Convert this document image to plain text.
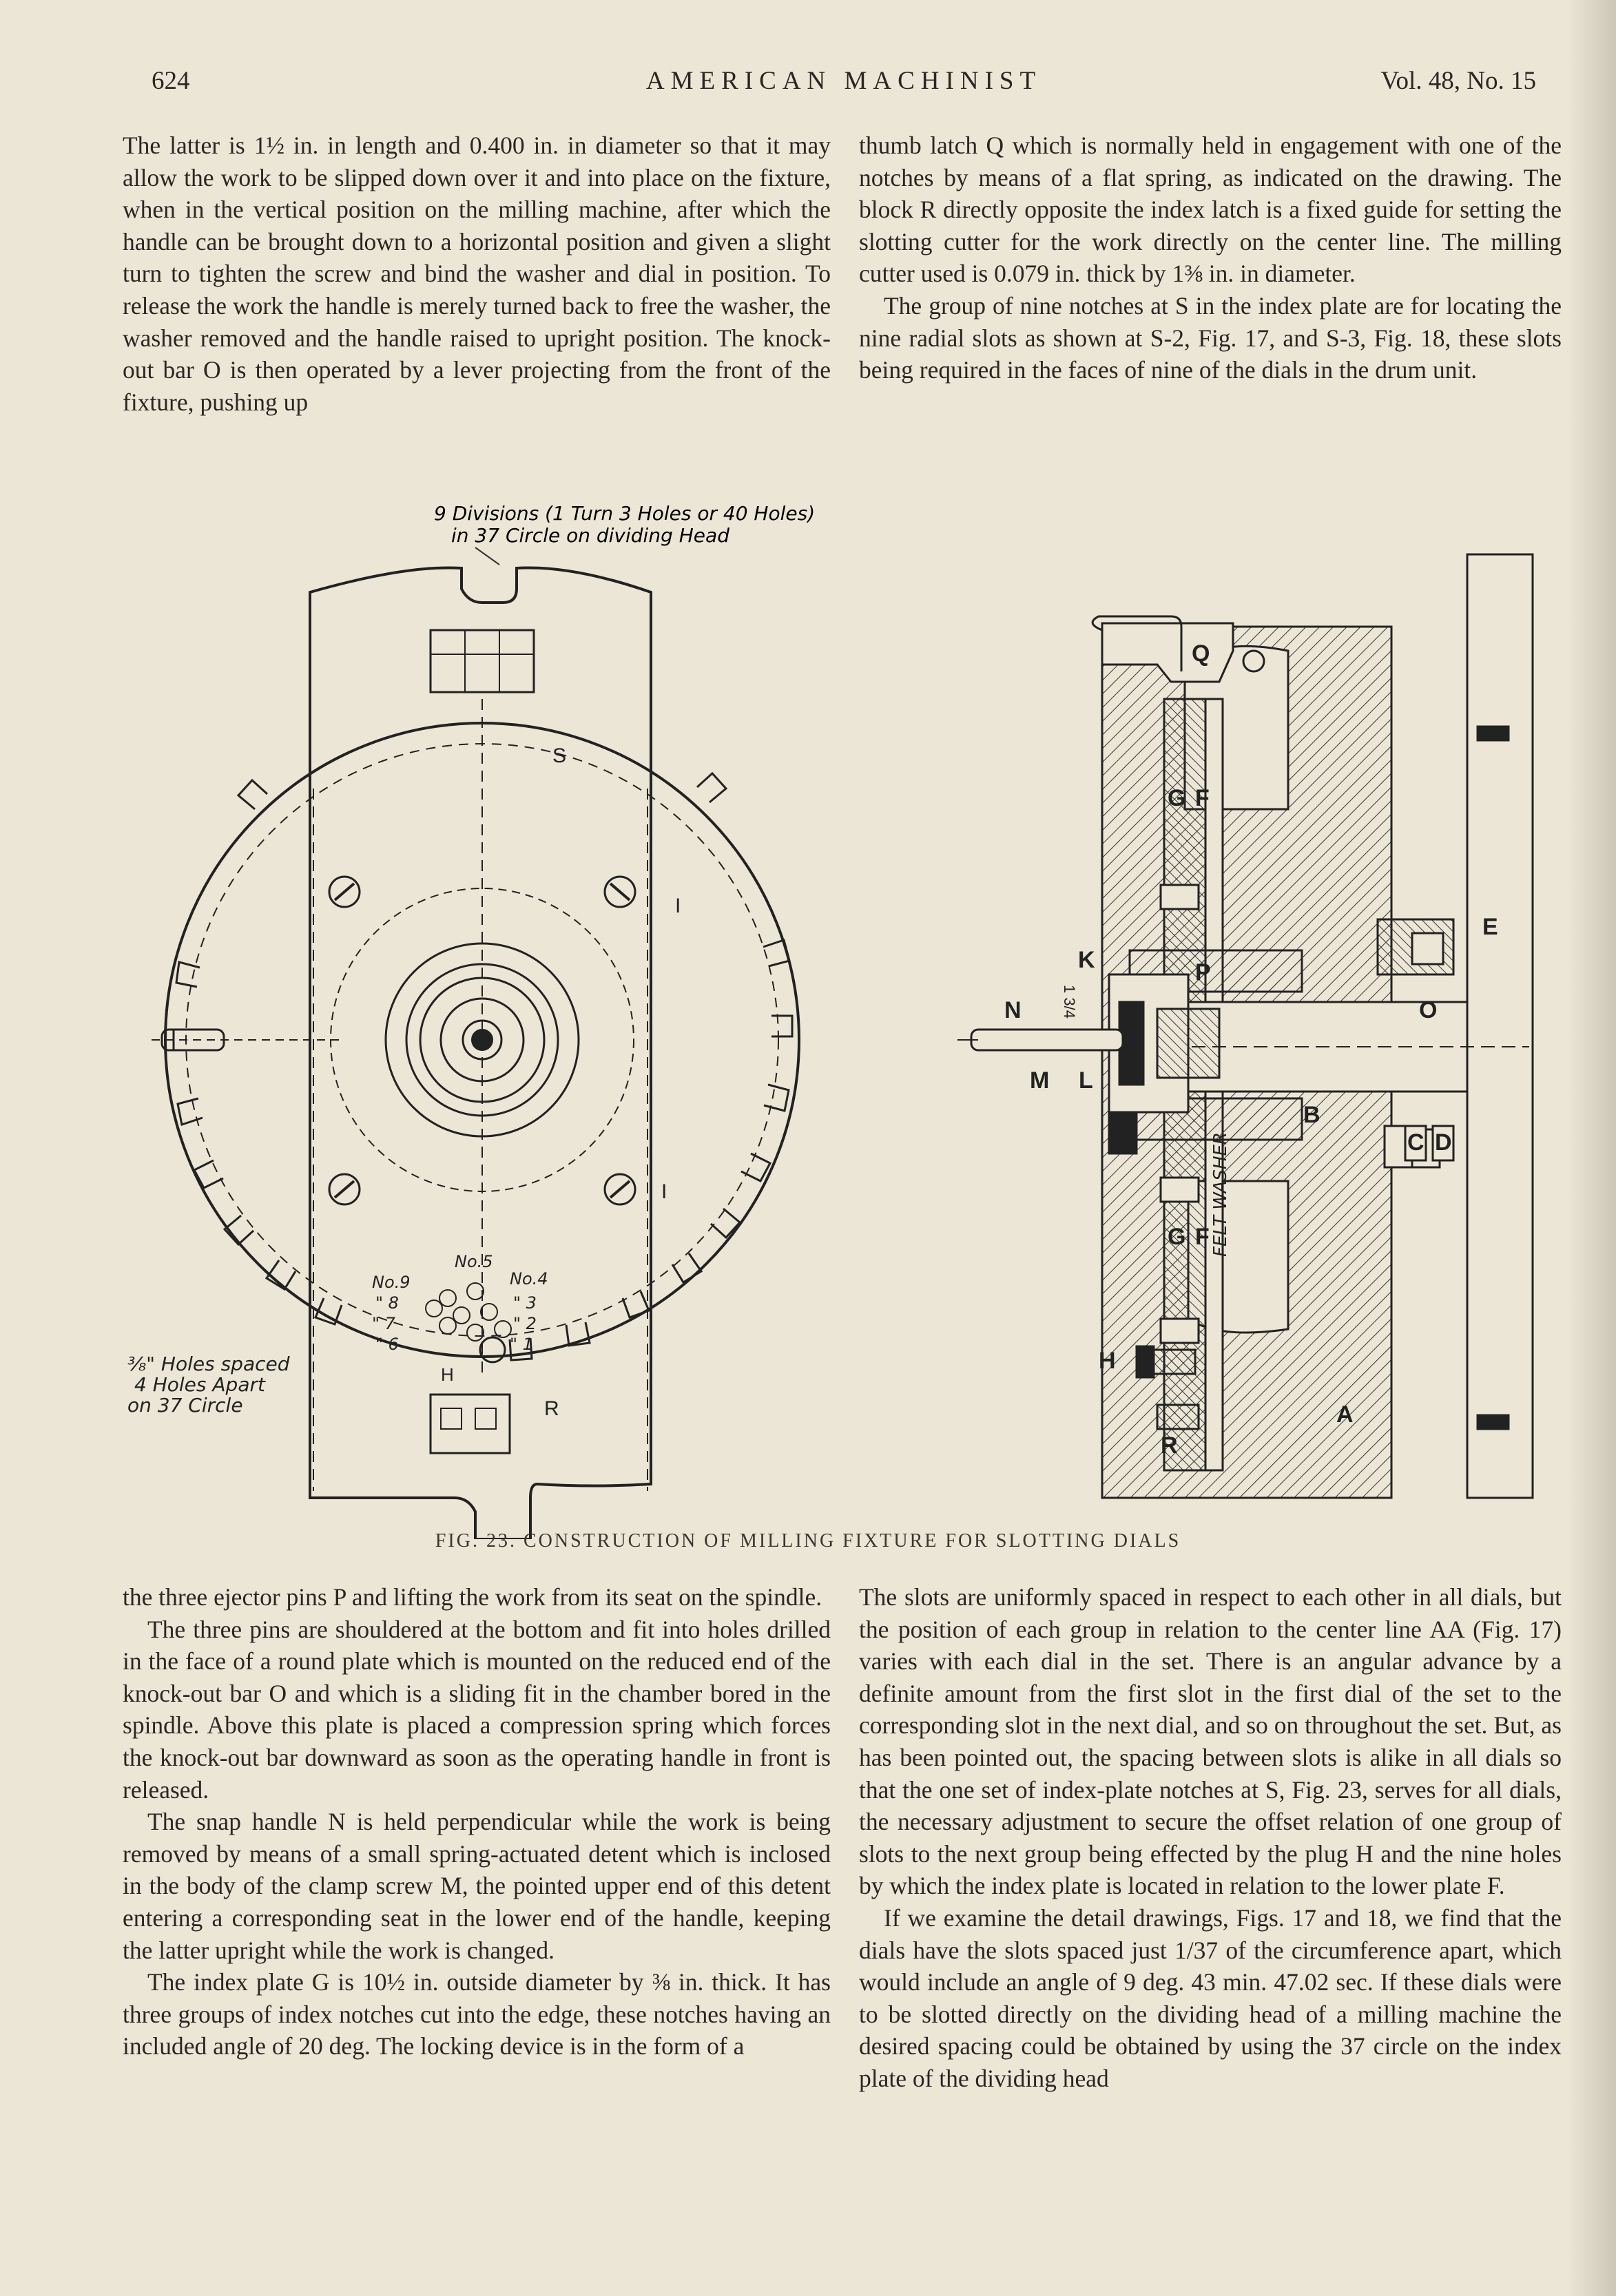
624	AMERICAN MACHINIST	Vol. 48, No. 15

The latter is 1½ in. in length and 0.400 in. in diameter so that it may allow the work to be slipped down over it and into place on the fixture, when in the vertical position on the milling machine, after which the handle can be brought down to a horizontal position and given a slight turn to tighten the screw and bind the washer and dial in position. To release the work the handle is merely turned back to free the washer, the washer removed and the handle raised to upright position. The knock-out bar O is then operated by a lever projecting from the front of the fixture, pushing up

thumb latch Q which is normally held in engagement with one of the notches by means of a flat spring, as indicated on the drawing. The block R directly opposite the index latch is a fixed guide for setting the slotting cutter for the work directly on the center line. The milling cutter used is 0.079 in. thick by 1⅜ in. in diameter.

The group of nine notches at S in the index plate are for locating the nine radial slots as shown at S-2, Fig. 17, and S-3, Fig. 18, these slots being required in the faces of nine of the dials in the drum unit.

9 Divisions (1 Turn 3 Holes or 40 Holes)
in 37 Circle on dividing Head
S
I
I
R
H
No.9
No.5
No.4
" 8
" 7
" 6
" 3
" 2
" 1
⅜" Holes spaced
4 Holes Apart
on 37 Circle
Q
G F
G F
E
K	P
N	O
M L
J
B
C D
H
A
R
1 3/4
FELT WASHER
FIG. 23. CONSTRUCTION OF MILLING FIXTURE FOR SLOTTING DIALS

the three ejector pins P and lifting the work from its seat on the spindle.

The three pins are shouldered at the bottom and fit into holes drilled in the face of a round plate which is mounted on the reduced end of the knock-out bar O and which is a sliding fit in the chamber bored in the spindle. Above this plate is placed a compression spring which forces the knock-out bar downward as soon as the operating handle in front is released.

The snap handle N is held perpendicular while the work is being removed by means of a small spring-actuated detent which is inclosed in the body of the clamp screw M, the pointed upper end of this detent entering a corresponding seat in the lower end of the handle, keeping the latter upright while the work is changed.

The index plate G is 10½ in. outside diameter by ⅜ in. thick. It has three groups of index notches cut into the edge, these notches having an included angle of 20 deg. The locking device is in the form of a

The slots are uniformly spaced in respect to each other in all dials, but the position of each group in relation to the center line AA (Fig. 17) varies with each dial in the set. There is an angular advance by a definite amount from the first slot in the first dial of the set to the corresponding slot in the next dial, and so on throughout the set. But, as has been pointed out, the spacing between slots is alike in all dials so that the one set of index-plate notches at S, Fig. 23, serves for all dials, the necessary adjustment to secure the offset relation of one group of slots to the next group being effected by the plug H and the nine holes by which the index plate is located in relation to the lower plate F.

If we examine the detail drawings, Figs. 17 and 18, we find that the dials have the slots spaced just 1/37 of the circumference apart, which would include an angle of 9 deg. 43 min. 47.02 sec. If these dials were to be slotted directly on the dividing head of a milling machine the desired spacing could be obtained by using the 37 circle on the index plate of the dividing head
